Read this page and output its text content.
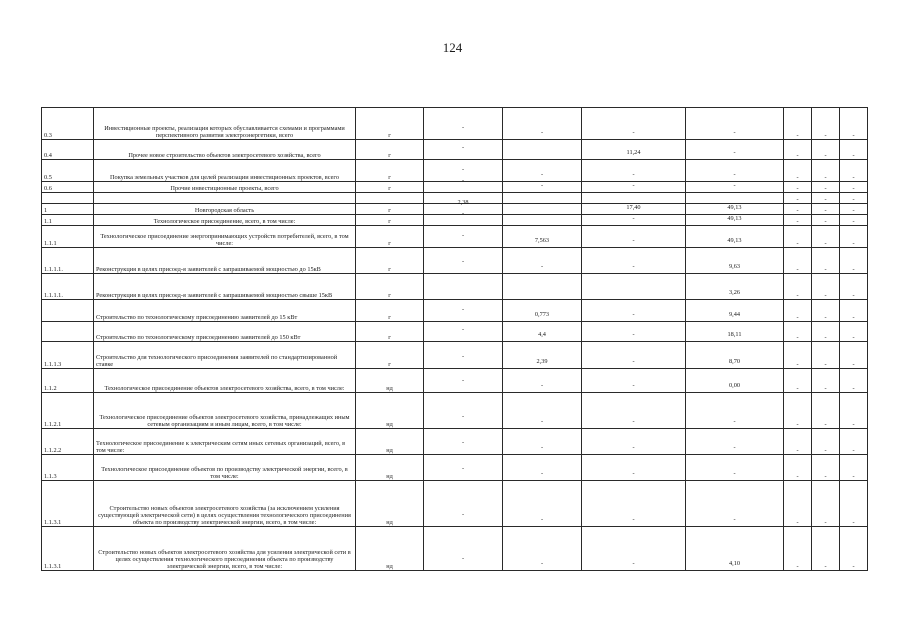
124
0.3	Инвестиционные проекты, реализация которых обуславливается схемами и программами перспективного развития электроэнергетики, всего	г	-	-	-	-	-	-	-
0.4	Прочее новое строительство объектов электросетевого хозяйства, всего	г	-		11,24	-	-	-	-
0.5	Покупка земельных участков для целей реализации инвестиционных проектов, всего	г	-	-	-	-	-	-	-
0.6	Прочие инвестиционные проекты, всего	г	-	-	-	-	-	-	-
							-	-	-
1	Новгородская область	г	2,38		17,40	49,13	-	-	-
1.1	Технологическое присоединение, всего, в том числе:	г	-		-	49,13	-	-	-
1.1.1	Технологическое присоединение энергопринимающих устройств потребителей, всего, в том числе:	г	-	7,563	-	49,13	-	-	-
1.1.1.1.	Реконструкция в целях присоед-я заявителей с запрашиваемой мощностью до 15кВ	г	-	-	-	9,63	-	-	-
1.1.1.1.	Реконструкция в целях присоед-я заявителей с запрашиваемой мощностью свыше 15кВ	г				3,26	-	-	-
	Строительство по технологическому присоединению заявителей до 15 кВт	г	-	0,773	-	9,44	-	-	-
	Строительство по технологическому присоединению заявителей до 150 кВт	г	-	4,4	-	18,11	-	-	-
1.1.1.3	Строительство для технологического присоединения заявителей по стандартизированной ставке	г	-	2,39	-	8,70	-	-	-
1.1.2	Технологическое присоединение объектов электросетевого хозяйства, всего, в том числе:	нд	-	-	-	0,00	-	-	-
1.1.2.1	Технологическое присоединение объектов электросетевого хозяйства, принадлежащих иным сетевым организациям и иным лицам, всего, в том числе:	нд	-	-	-	-	-	-	-
1.1.2.2	Технологическое присоединение к электрическим сетям иных сетевых организаций, всего, в том числе:	нд	-	-	-	-	-	-	-
1.1.3	Технологическое присоединение объектов по производству электрической энергии, всего, в том числе:	нд	-	-	-	-	-	-	-
1.1.3.1	Строительство новых объектов электросетевого хозяйства (за исключением усиления существующей электрической сети) в целях осуществления технологического присоединения объекта по производству электрической энергии, всего, в том числе:	нд	-	-	-	-	-	-	-
1.1.3.1	Строительство новых объектов электросетевого хозяйства для усиления электрической сети в целях осуществления технологического присоединения объекта по производству электрической энергии, всего, в том числе:	нд	-	-	-	4,10	-	-	-
